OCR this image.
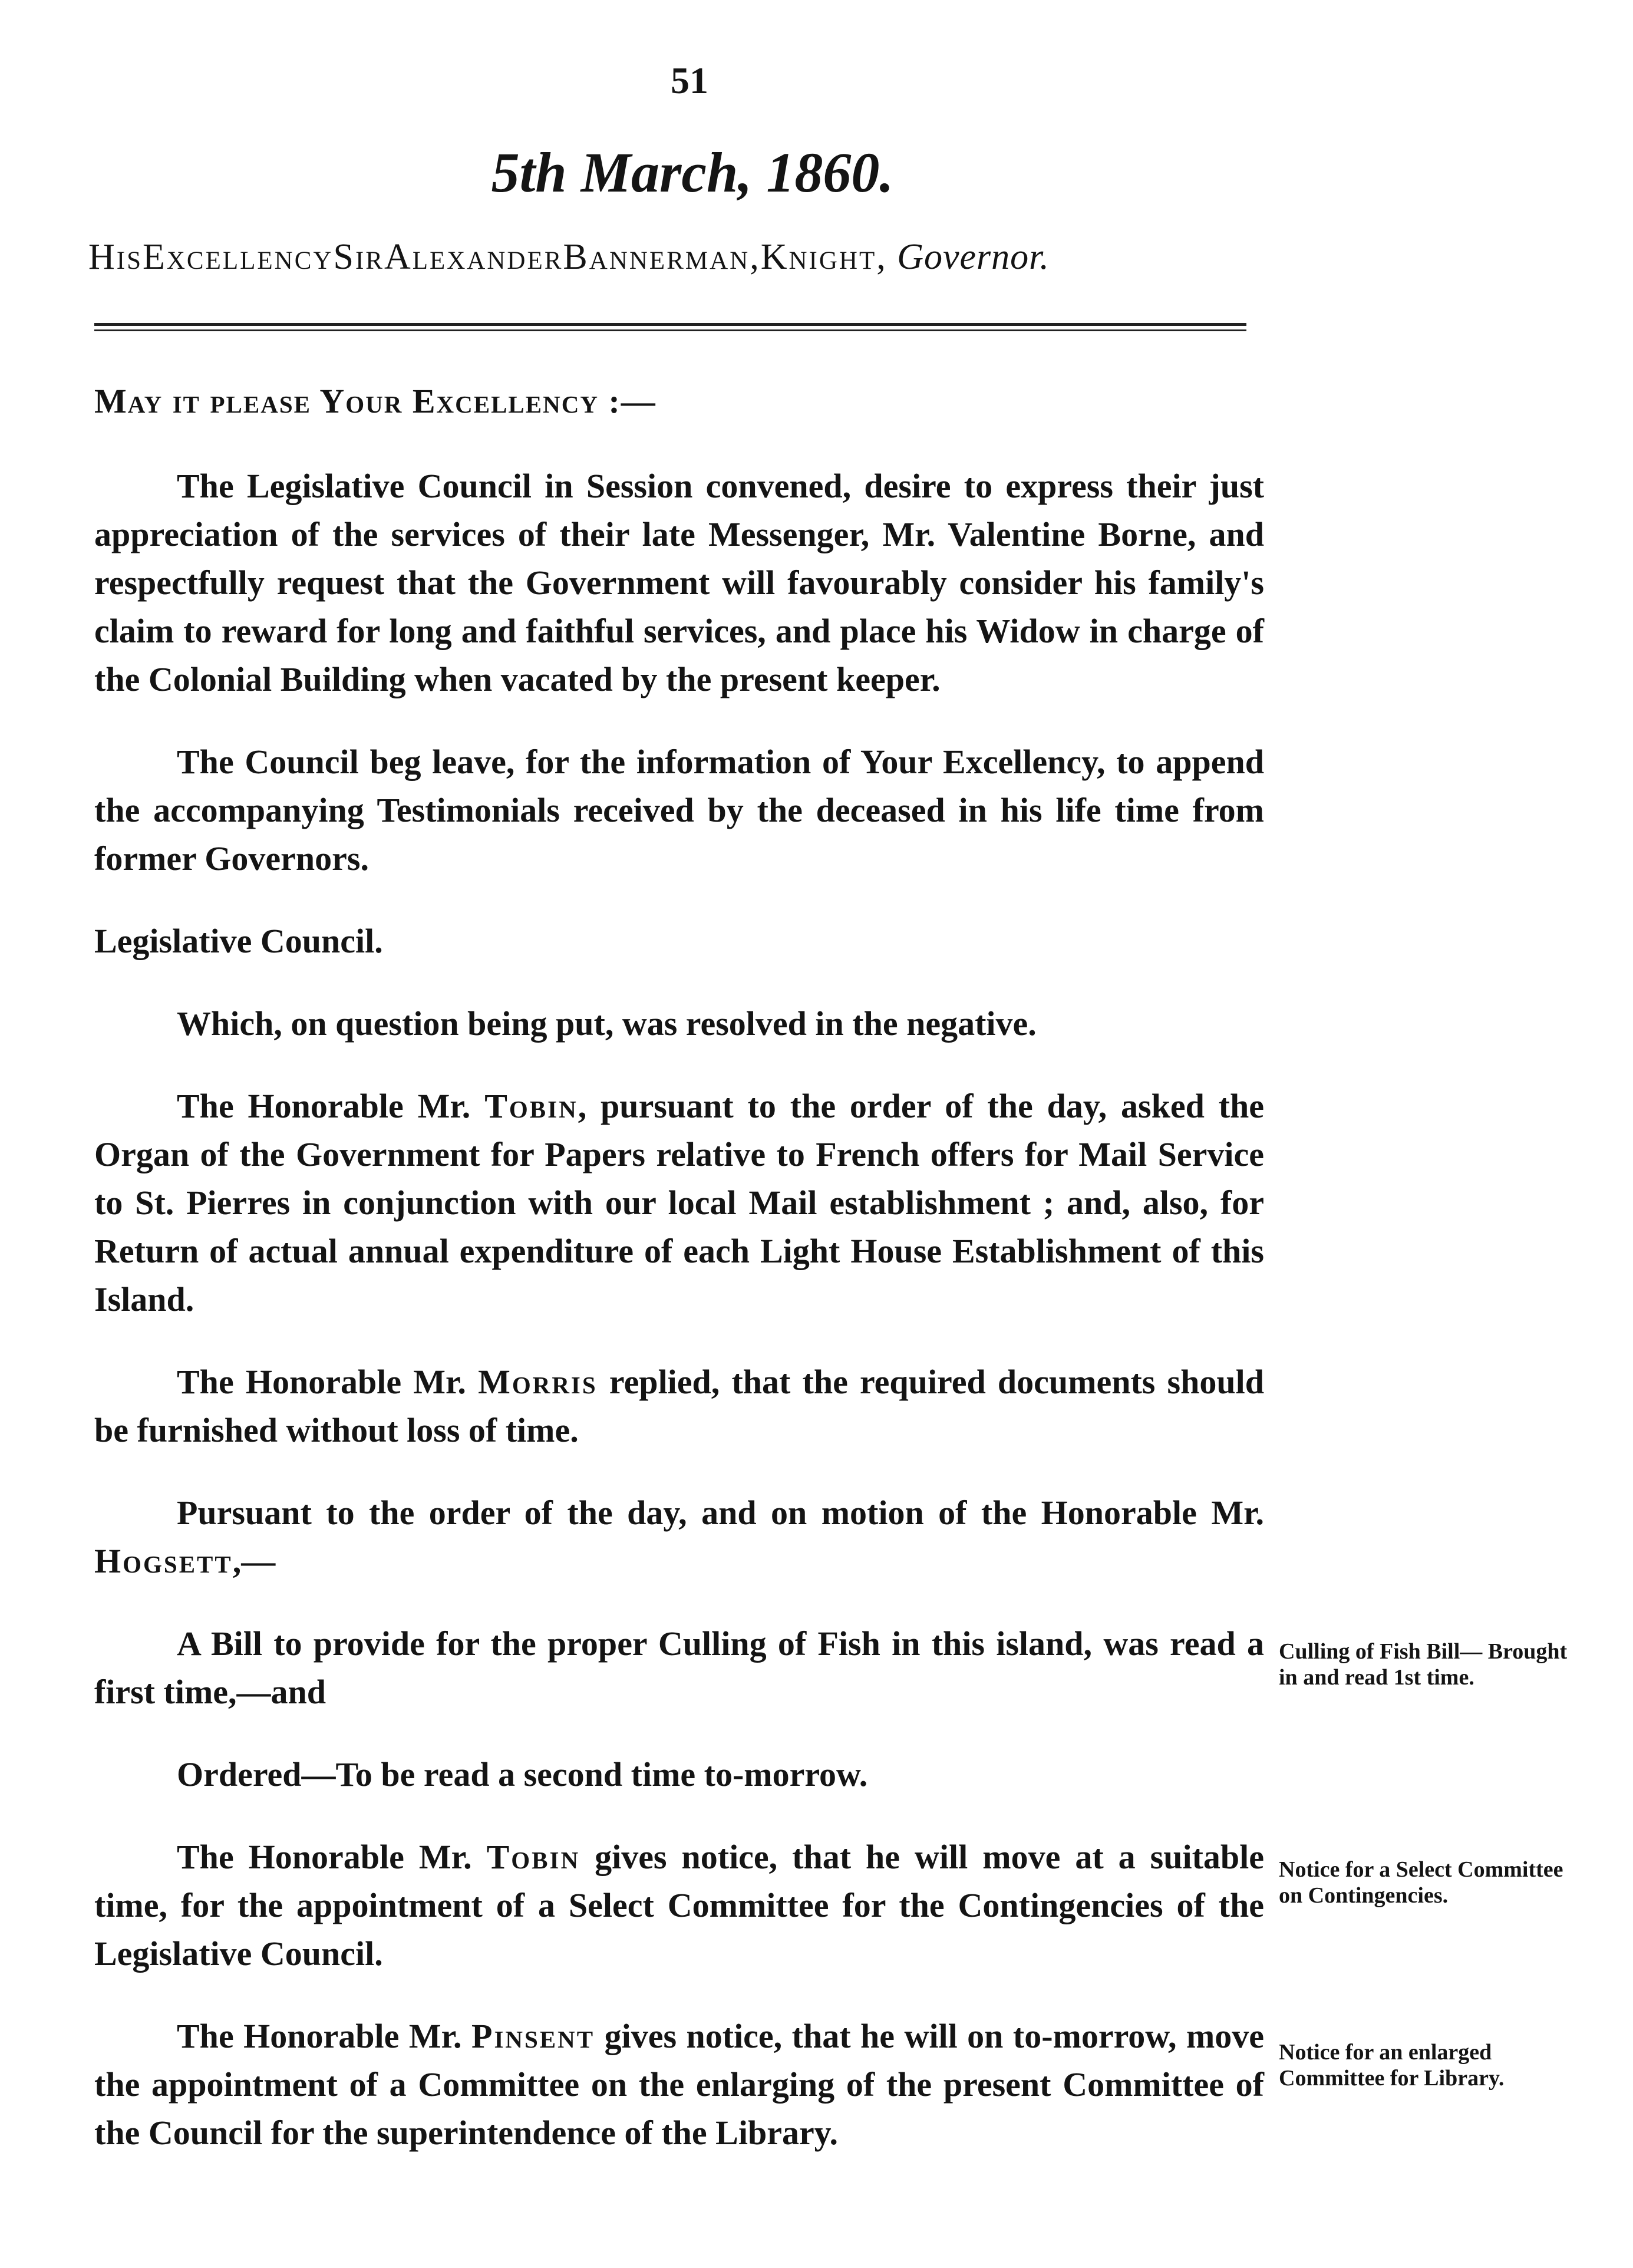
51
5th March, 1860.
HisExcellencySirAlexanderBannerman,Knight, Governor.

May it please Your Excellency :—

The Legislative Council in Session convened, desire to express their just appreciation of the services of their late Messenger, Mr. Valentine Borne, and respectfully request that the Government will favourably consider his family's claim to reward for long and faithful services, and place his Widow in charge of the Colonial Building when vacated by the present keeper.

The Council beg leave, for the information of Your Excellency, to append the accompanying Testimonials received by the deceased in his life time from former Governors.

Legislative Council.

Which, on question being put, was resolved in the negative.

The Honorable Mr. Tobin, pursuant to the order of the day, asked the Organ of the Government for Papers relative to French offers for Mail Service to St. Pierres in conjunction with our local Mail establishment ; and, also, for Return of actual annual expenditure of each Light House Establishment of this Island.

The Honorable Mr. Morris replied, that the required documents should be furnished without loss of time.

Pursuant to the order of the day, and on motion of the Honorable Mr. Hogsett,—

A Bill to provide for the proper Culling of Fish in this island, was read a first time,—and

Ordered—To be read a second time to-morrow.

The Honorable Mr. Tobin gives notice, that he will move at a suitable time, for the appointment of a Select Committee for the Contingencies of the Legislative Council.

The Honorable Mr. Pinsent gives notice, that he will on to-morrow, move the appointment of a Committee on the enlarging of the present Committee of the Council for the superintendence of the Library.

Culling of Fish Bill— Brought in and read 1st time.
Notice for a Select Committee on Contingencies.
Notice for an enlarged Committee for Library.
